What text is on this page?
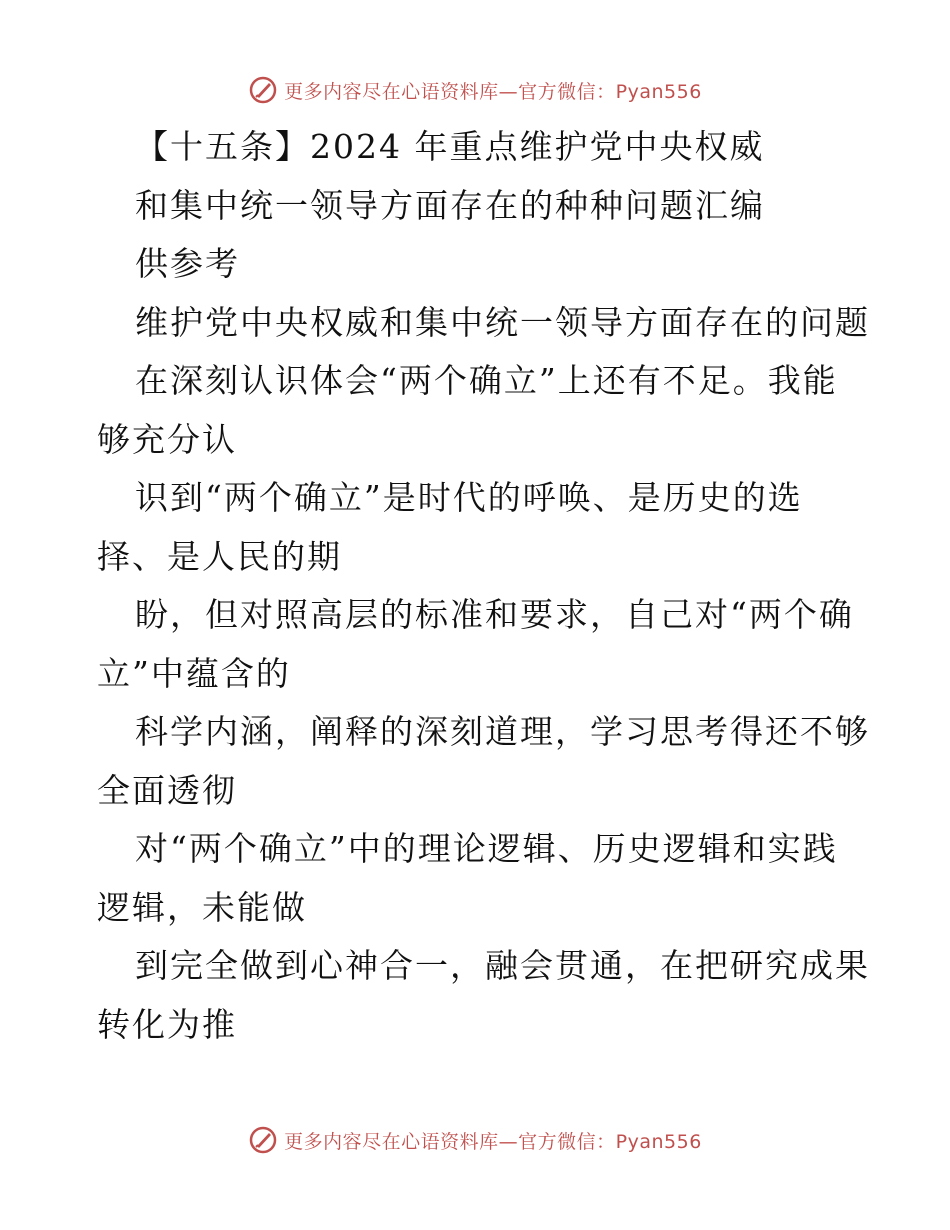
更多内容尽在心语资料库—官方微信：Pyan556
【十五条】2024 年重点维护党中央权威
和集中统一领导方面存在的种种问题汇编
供参考
维护党中央权威和集中统一领导方面存在的问题
在深刻认识体会“两个确立”上还有不足。我能
够充分认
识到“两个确立”是时代的呼唤、是历史的选
择、是人民的期
盼，但对照高层的标准和要求，自己对“两个确
立”中蕴含的
科学内涵，阐释的深刻道理，学习思考得还不够
全面透彻
对“两个确立”中的理论逻辑、历史逻辑和实践
逻辑，未能做
到完全做到心神合一，融会贯通，在把研究成果
转化为推
更多内容尽在心语资料库—官方微信：Pyan556
